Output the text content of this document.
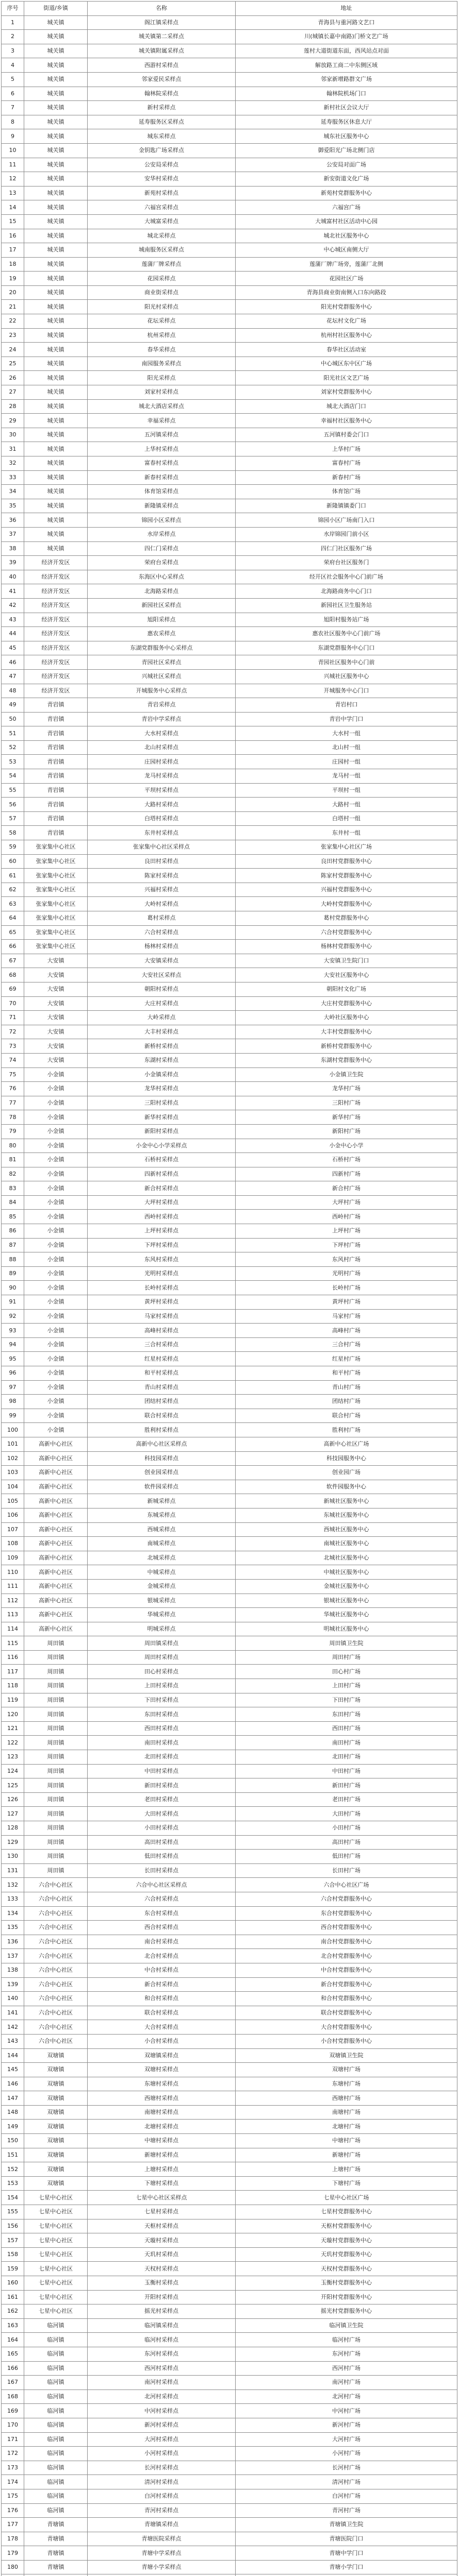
序号	街道/乡镇	名称	地址
1	城关镇	阁江镇采样点	青海县与重河路文艺口
2	城关镇	城关镇第二采样点	川(城镇长嘉中南路)门桥文艺广场
3	城关镇	城关镇附属采样点	莲村大道街道东面，西风站点对面
4	城关镇	西游村采样点	解放路工商二中东侧区域
5	城关镇	邻家爱民采样点	邻家新增路群文广场
6	城关镇	翰林院采样点	翰林院机场门口
7	城关镇	新村采样点	新村社区会议大厅
8	城关镇	延寿服务区采样点	延寿服务区休息大厅
9	城关镇	城东采样点	城东社区服务中心
10	城关镇	金钥匙广场采样点	御爱阳光广场北侧门店
11	城关镇	公安局采样点	公安局对面广场
12	城关镇	安华村采样点	新安街道文化广场
13	城关镇	新苑村采样点	新苑村党群服务中心
14	城关镇	六福宫采样点	六福宫广场
15	城关镇	大城富采样点	大城富村社区活动中心园
16	城关镇	城北采样点	城北社区服务中心
17	城关镇	城南服务区采样点	中心城区南侧大厅
18	城关镇	莲蒲厂牌采样点	莲蒲厂牌广场旁，莲蒲厂北侧
19	城关镇	花园采样点	花园社区广场
20	城关镇	商业街采样点	青海县商业街南侧入口东向路段
21	城关镇	阳光村采样点	阳光村党群服务中心
22	城关镇	花坛采样点	花坛村文化广场
23	城关镇	杭州采样点	杭州村社区服务中心
24	城关镇	春华采样点	春华社区活动室
25	城关镇	南园服务采样点	中心城区东中区广场
26	城关镇	阳光采样点	阳光社区文艺广场
27	城关镇	刘家村采样点	刘家村党群服务中心
28	城关镇	城北大酒店采样点	城北大酒店门口
29	城关镇	幸福采样点	幸福村社区服务中心
30	城关镇	五河镇采样点	五河镇村委会门口
31	城关镇	上华村采样点	上华村广场
32	城关镇	富春村采样点	富春村广场
33	城关镇	新春村采样点	新春村广场
34	城关镇	体育馆采样点	体育馆广场
35	城关镇	新隆镇采样点	新隆镇镇委门口
36	城关镇	锦园小区采样点	锦园小区广场南门入口
37	城关镇	水岸采样点	水岸锦园门前小区
38	城关镇	四仁门采样点	四仁门社区服务广场
39	经济开发区	荣府台采样点	荣府台社区服务门
40	经济开发区	东海区中心采样点	经开区社会服务中心门前广场
41	经济开发区	北海路采样点	北海路商务中心门口
42	经济开发区	新园社区采样点	新园社区卫生服务站
43	经济开发区	旭阳采样点	旭阳村服务站广场
44	经济开发区	惠农采样点	惠农社区服务中心门前广场
45	经济开发区	东湖党群服务中心采样点	东湖党群服务中心门口
46	经济开发区	青园社区采样点	青园社区服务中心门前
47	经济开发区	兴城社区采样点	兴城社区服务中心
48	经济开发区	开城服务中心采样点	开城服务中心门口
49	青岩镇	青岩采样点	青岩村口
50	青岩镇	青岩中学采样点	青岩中学门口
51	青岩镇	大水村采样点	大水村一组
52	青岩镇	北山村采样点	北山村一组
53	青岩镇	庄园村采样点	庄园村一组
54	青岩镇	龙马村采样点	龙马村一组
55	青岩镇	平坝村采样点	平坝村一组
56	青岩镇	大路村采样点	大路村一组
57	青岩镇	白塔村采样点	白塔村一组
58	青岩镇	东井村采样点	东井村一组
59	张家集中心社区	张家集中心社区采样点	张家集中心社区广场
60	张家集中心社区	良田村采样点	良田村党群服务中心
61	张家集中心社区	陈家村采样点	陈家村党群服务中心
62	张家集中心社区	兴福村采样点	兴福村党群服务中心
63	张家集中心社区	大岭村采样点	大岭村党群服务中心
64	张家集中心社区	葛村采样点	葛村党群服务中心
65	张家集中心社区	六合村采样点	六合村党群服务中心
66	张家集中心社区	杨林村采样点	杨林村党群服务中心
67	大安镇	大安镇采样点	大安镇卫生院门口
68	大安镇	大安社区采样点	大安社区服务中心
69	大安镇	朝阳村采样点	朝阳村文化广场
70	大安镇	大庄村采样点	大庄村党群服务中心
71	大安镇	大岭采样点	大岭社区服务中心
72	大安镇	大丰村采样点	大丰村党群服务中心
73	大安镇	新桥村采样点	新桥村党群服务中心
74	大安镇	东湖村采样点	东湖村党群服务中心
75	小金镇	小金镇采样点	小金镇卫生院
76	小金镇	龙华村采样点	龙华村广场
77	小金镇	三阳村采样点	三阳村广场
78	小金镇	新华村采样点	新华村广场
79	小金镇	新阳村采样点	新阳村广场
80	小金镇	小金中心小学采样点	小金中心小学
81	小金镇	石桥村采样点	石桥村广场
82	小金镇	四新村采样点	四新村广场
83	小金镇	新合村采样点	新合村广场
84	小金镇	大坪村采样点	大坪村广场
85	小金镇	西岭村采样点	西岭村广场
86	小金镇	上坪村采样点	上坪村广场
87	小金镇	下坪村采样点	下坪村广场
88	小金镇	东风村采样点	东风村广场
89	小金镇	光明村采样点	光明村广场
90	小金镇	长岭村采样点	长岭村广场
91	小金镇	黄坪村采样点	黄坪村广场
92	小金镇	马家村采样点	马家村广场
93	小金镇	高峰村采样点	高峰村广场
94	小金镇	三合村采样点	三合村广场
95	小金镇	红星村采样点	红星村广场
96	小金镇	和平村采样点	和平村广场
97	小金镇	青山村采样点	青山村广场
98	小金镇	团结村采样点	团结村广场
99	小金镇	联合村采样点	联合村广场
100	小金镇	胜利村采样点	胜利村广场
101	高新中心社区	高新中心社区采样点	高新中心社区广场
102	高新中心社区	科技园采样点	科技园服务中心
103	高新中心社区	创业园采样点	创业园广场
104	高新中心社区	软件园采样点	软件园服务中心
105	高新中心社区	新城采样点	新城社区服务中心
106	高新中心社区	东城采样点	东城社区服务中心
107	高新中心社区	西城采样点	西城社区服务中心
108	高新中心社区	南城采样点	南城社区服务中心
109	高新中心社区	北城采样点	北城社区服务中心
110	高新中心社区	中城采样点	中城社区服务中心
111	高新中心社区	金城采样点	金城社区服务中心
112	高新中心社区	银城采样点	银城社区服务中心
113	高新中心社区	华城采样点	华城社区服务中心
114	高新中心社区	明城采样点	明城社区服务中心
115	周田镇	周田镇采样点	周田镇卫生院
116	周田镇	周田村采样点	周田村广场
117	周田镇	田心村采样点	田心村广场
118	周田镇	上田村采样点	上田村广场
119	周田镇	下田村采样点	下田村广场
120	周田镇	东田村采样点	东田村广场
121	周田镇	西田村采样点	西田村广场
122	周田镇	南田村采样点	南田村广场
123	周田镇	北田村采样点	北田村广场
124	周田镇	中田村采样点	中田村广场
125	周田镇	新田村采样点	新田村广场
126	周田镇	老田村采样点	老田村广场
127	周田镇	大田村采样点	大田村广场
128	周田镇	小田村采样点	小田村广场
129	周田镇	高田村采样点	高田村广场
130	周田镇	低田村采样点	低田村广场
131	周田镇	长田村采样点	长田村广场
132	六合中心社区	六合中心社区采样点	六合中心社区广场
133	六合中心社区	六合村采样点	六合村党群服务中心
134	六合中心社区	东合村采样点	东合村党群服务中心
135	六合中心社区	西合村采样点	西合村党群服务中心
136	六合中心社区	南合村采样点	南合村党群服务中心
137	六合中心社区	北合村采样点	北合村党群服务中心
138	六合中心社区	中合村采样点	中合村党群服务中心
139	六合中心社区	新合村采样点	新合村党群服务中心
140	六合中心社区	和合村采样点	和合村党群服务中心
141	六合中心社区	联合村采样点	联合村党群服务中心
142	六合中心社区	大合村采样点	大合村党群服务中心
143	六合中心社区	小合村采样点	小合村党群服务中心
144	双塘镇	双塘镇采样点	双塘镇卫生院
145	双塘镇	双塘村采样点	双塘村广场
146	双塘镇	东塘村采样点	东塘村广场
147	双塘镇	西塘村采样点	西塘村广场
148	双塘镇	南塘村采样点	南塘村广场
149	双塘镇	北塘村采样点	北塘村广场
150	双塘镇	中塘村采样点	中塘村广场
151	双塘镇	新塘村采样点	新塘村广场
152	双塘镇	上塘村采样点	上塘村广场
153	双塘镇	下塘村采样点	下塘村广场
154	七星中心社区	七星中心社区采样点	七星中心社区广场
155	七星中心社区	七星村采样点	七星村党群服务中心
156	七星中心社区	天枢村采样点	天枢村党群服务中心
157	七星中心社区	天璇村采样点	天璇村党群服务中心
158	七星中心社区	天玑村采样点	天玑村党群服务中心
159	七星中心社区	天权村采样点	天权村党群服务中心
160	七星中心社区	玉衡村采样点	玉衡村党群服务中心
161	七星中心社区	开阳村采样点	开阳村党群服务中心
162	七星中心社区	摇光村采样点	摇光村党群服务中心
163	临河镇	临河镇采样点	临河镇卫生院
164	临河镇	临河村采样点	临河村广场
165	临河镇	东河村采样点	东河村广场
166	临河镇	西河村采样点	西河村广场
167	临河镇	南河村采样点	南河村广场
168	临河镇	北河村采样点	北河村广场
169	临河镇	中河村采样点	中河村广场
170	临河镇	新河村采样点	新河村广场
171	临河镇	大河村采样点	大河村广场
172	临河镇	小河村采样点	小河村广场
173	临河镇	长河村采样点	长河村广场
174	临河镇	清河村采样点	清河村广场
175	临河镇	白河村采样点	白河村广场
176	临河镇	青河村采样点	青河村广场
177	青塘镇	青塘镇采样点	青塘镇卫生院
178	青塘镇	青塘医院采样点	青塘医院门口
179	青塘镇	青塘中学采样点	青塘中学门口
180	青塘镇	青塘小学采样点	青塘小学门口
